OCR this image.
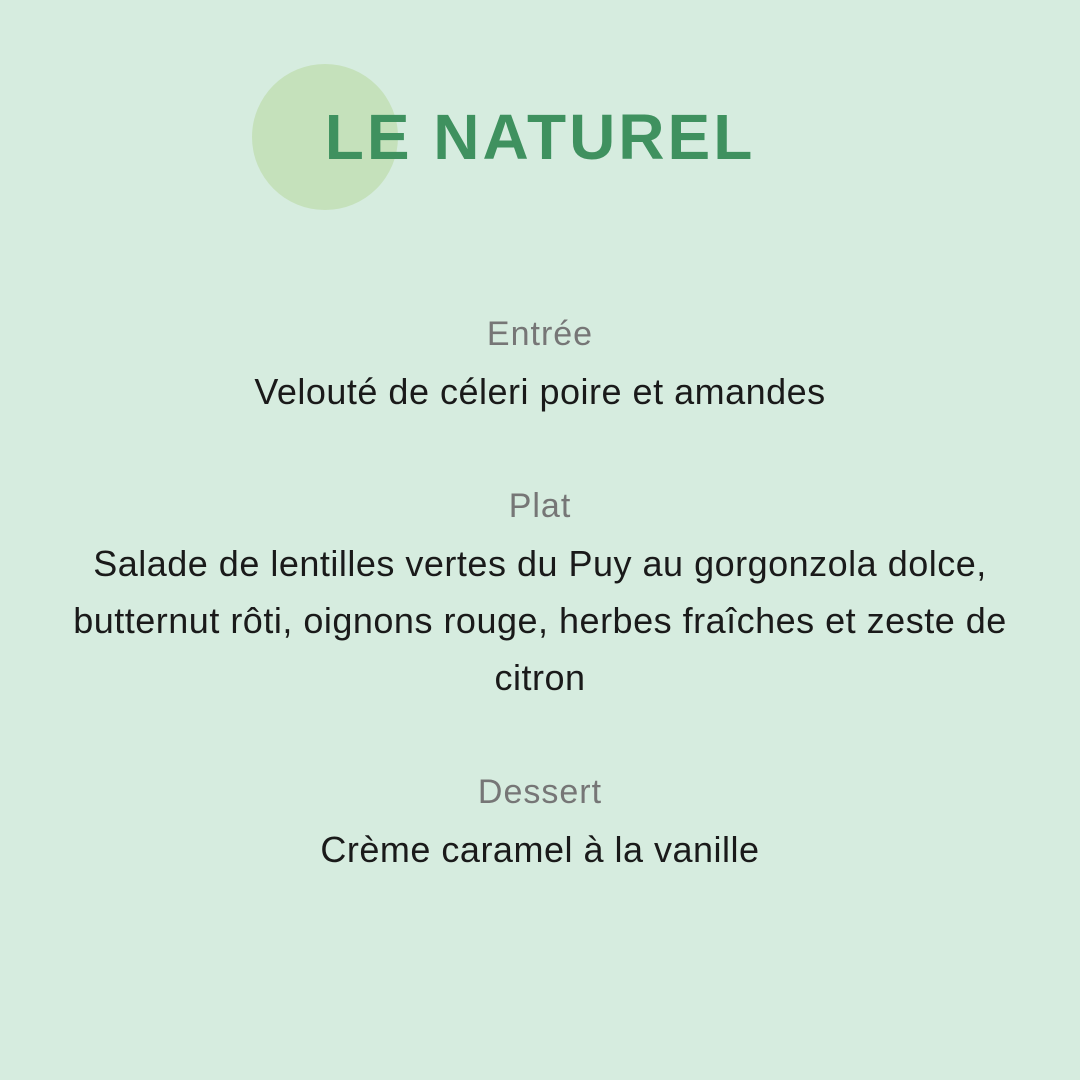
LE NATUREL
Entrée
Velouté de céleri poire et amandes
Plat
Salade de lentilles vertes du Puy au gorgonzola dolce, butternut rôti, oignons rouge, herbes fraîches et zeste de citron
Dessert
Crème caramel à la vanille
